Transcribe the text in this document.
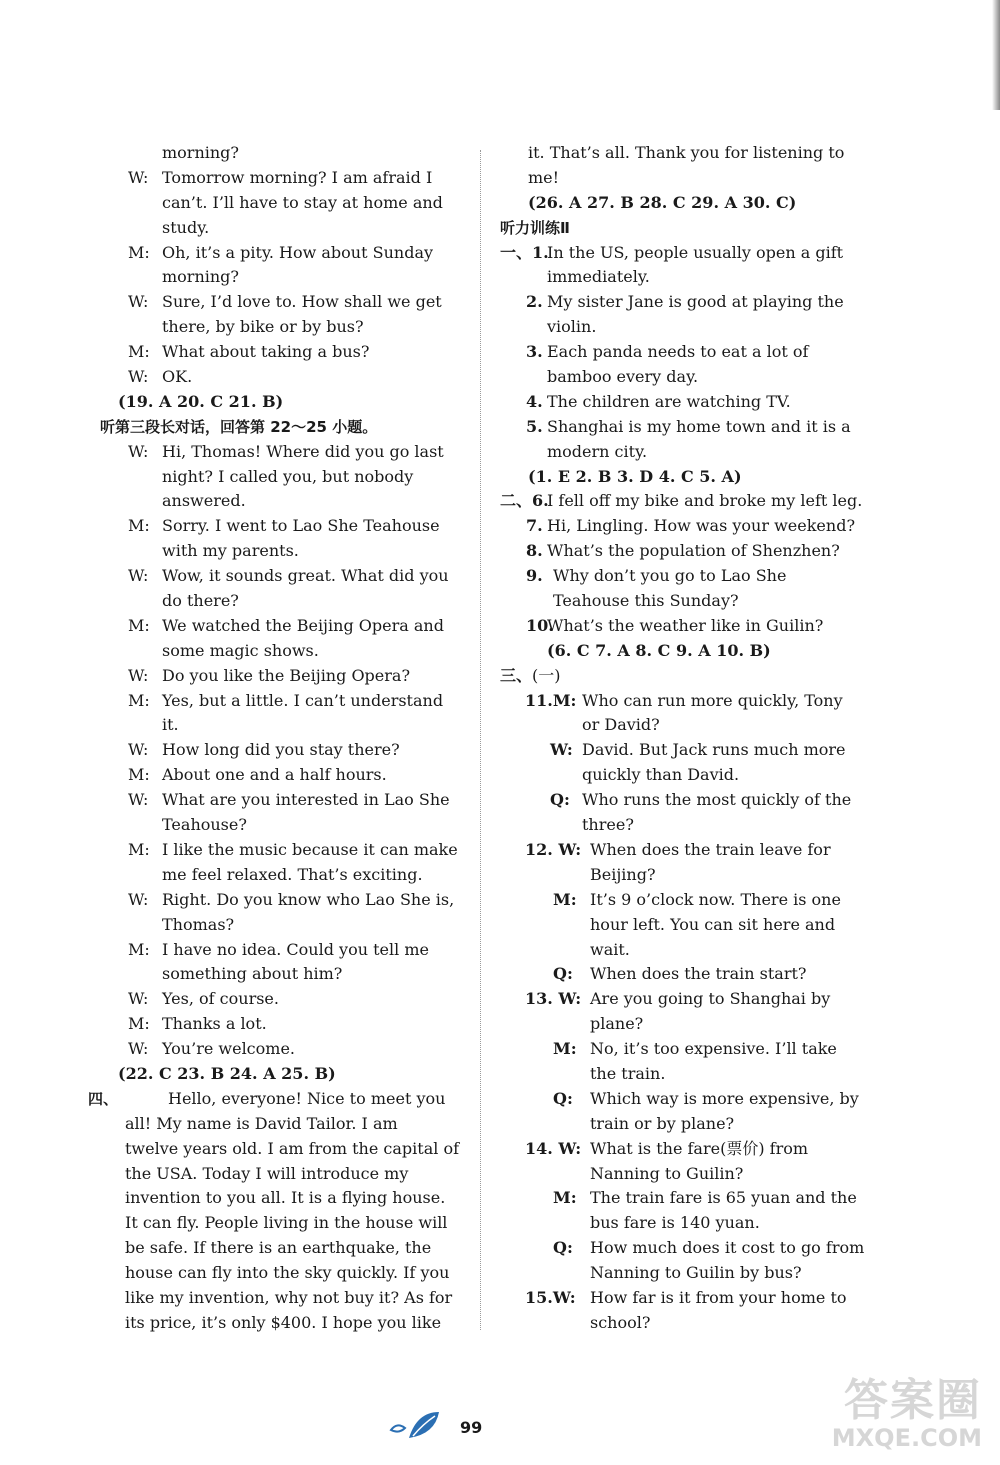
morning?
W: Tomorrow morning? I am afraid I
can’t. I’ll have to stay at home and
study.
M: Oh, it’s a pity. How about Sunday
morning?
W: Sure, I’d love to. How shall we get
there, by bike or by bus?
M: What about taking a bus?
W: OK.
(19. A 20. C 21. B)
听第三段长对话，回答第 22～25 小题。
W: Hi, Thomas! Where did you go last
night? I called you, but nobody
answered.
M: Sorry. I went to Lao She Teahouse
with my parents.
W: Wow, it sounds great. What did you
do there?
M: We watched the Beijing Opera and
some magic shows.
W: Do you like the Beijing Opera?
M: Yes, but a little. I can’t understand
it.
W: How long did you stay there?
M: About one and a half hours.
W: What are you interested in Lao She
Teahouse?
M: I like the music because it can make
me feel relaxed. That’s exciting.
W: Right. Do you know who Lao She is,
Thomas?
M: I have no idea. Could you tell me
something about him?
W: Yes, of course.
M: Thanks a lot.
W: You’re welcome.
(22. C 23. B 24. A 25. B)
四、	Hello, everyone! Nice to meet you
all! My name is David Tailor. I am
twelve years old. I am from the capital of
the USA. Today I will introduce my
invention to you all. It is a flying house.
It can fly. People living in the house will
be safe. If there is an earthquake, the
house can fly into the sky quickly. If you
like my invention, why not buy it? As for
its price, it’s only $400. I hope you like
it. That’s all. Thank you for listening to
me!
(26. A 27. B 28. C 29. A 30. C)
听力训练Ⅱ
一、1.
In the US, people usually open a gift
immediately.
2. My sister Jane is good at playing the
violin.
3. Each panda needs to eat a lot of
bamboo every day.
4. The children are watching TV.
5. Shanghai is my home town and it is a
modern city.
(1. E 2. B 3. D 4. C 5. A)
二、6.
I fell off my bike and broke my left leg.
7. Hi, Lingling. How was your weekend?
8. What’s the population of Shenzhen?
9. Why don’t you go to Lao She
Teahouse this Sunday?
10.
What’s the weather like in Guilin?
(6. C 7. A 8. C 9. A 10. B)
三、 (一)
11.M: Who can run more quickly, Tony
or David?
W: David. But Jack runs much more
quickly than David.
Q: Who runs the most quickly of the
three?
12. W: When does the train leave for
Beijing?
M: It’s 9 o’clock now. There is one
hour left. You can sit here and
wait.
Q: When does the train start?
13. W: Are you going to Shanghai by
plane?
M: No, it’s too expensive. I’ll take
the train.
Q: Which way is more expensive, by
train or by plane?
14. W: What is the fare(票价) from
Nanning to Guilin?
M: The train fare is 65 yuan and the
bus fare is 140 yuan.
Q: How much does it cost to go from
Nanning to Guilin by bus?
15.W: How far is it from your home to
school?
99
答案圈
MXQE.COM
